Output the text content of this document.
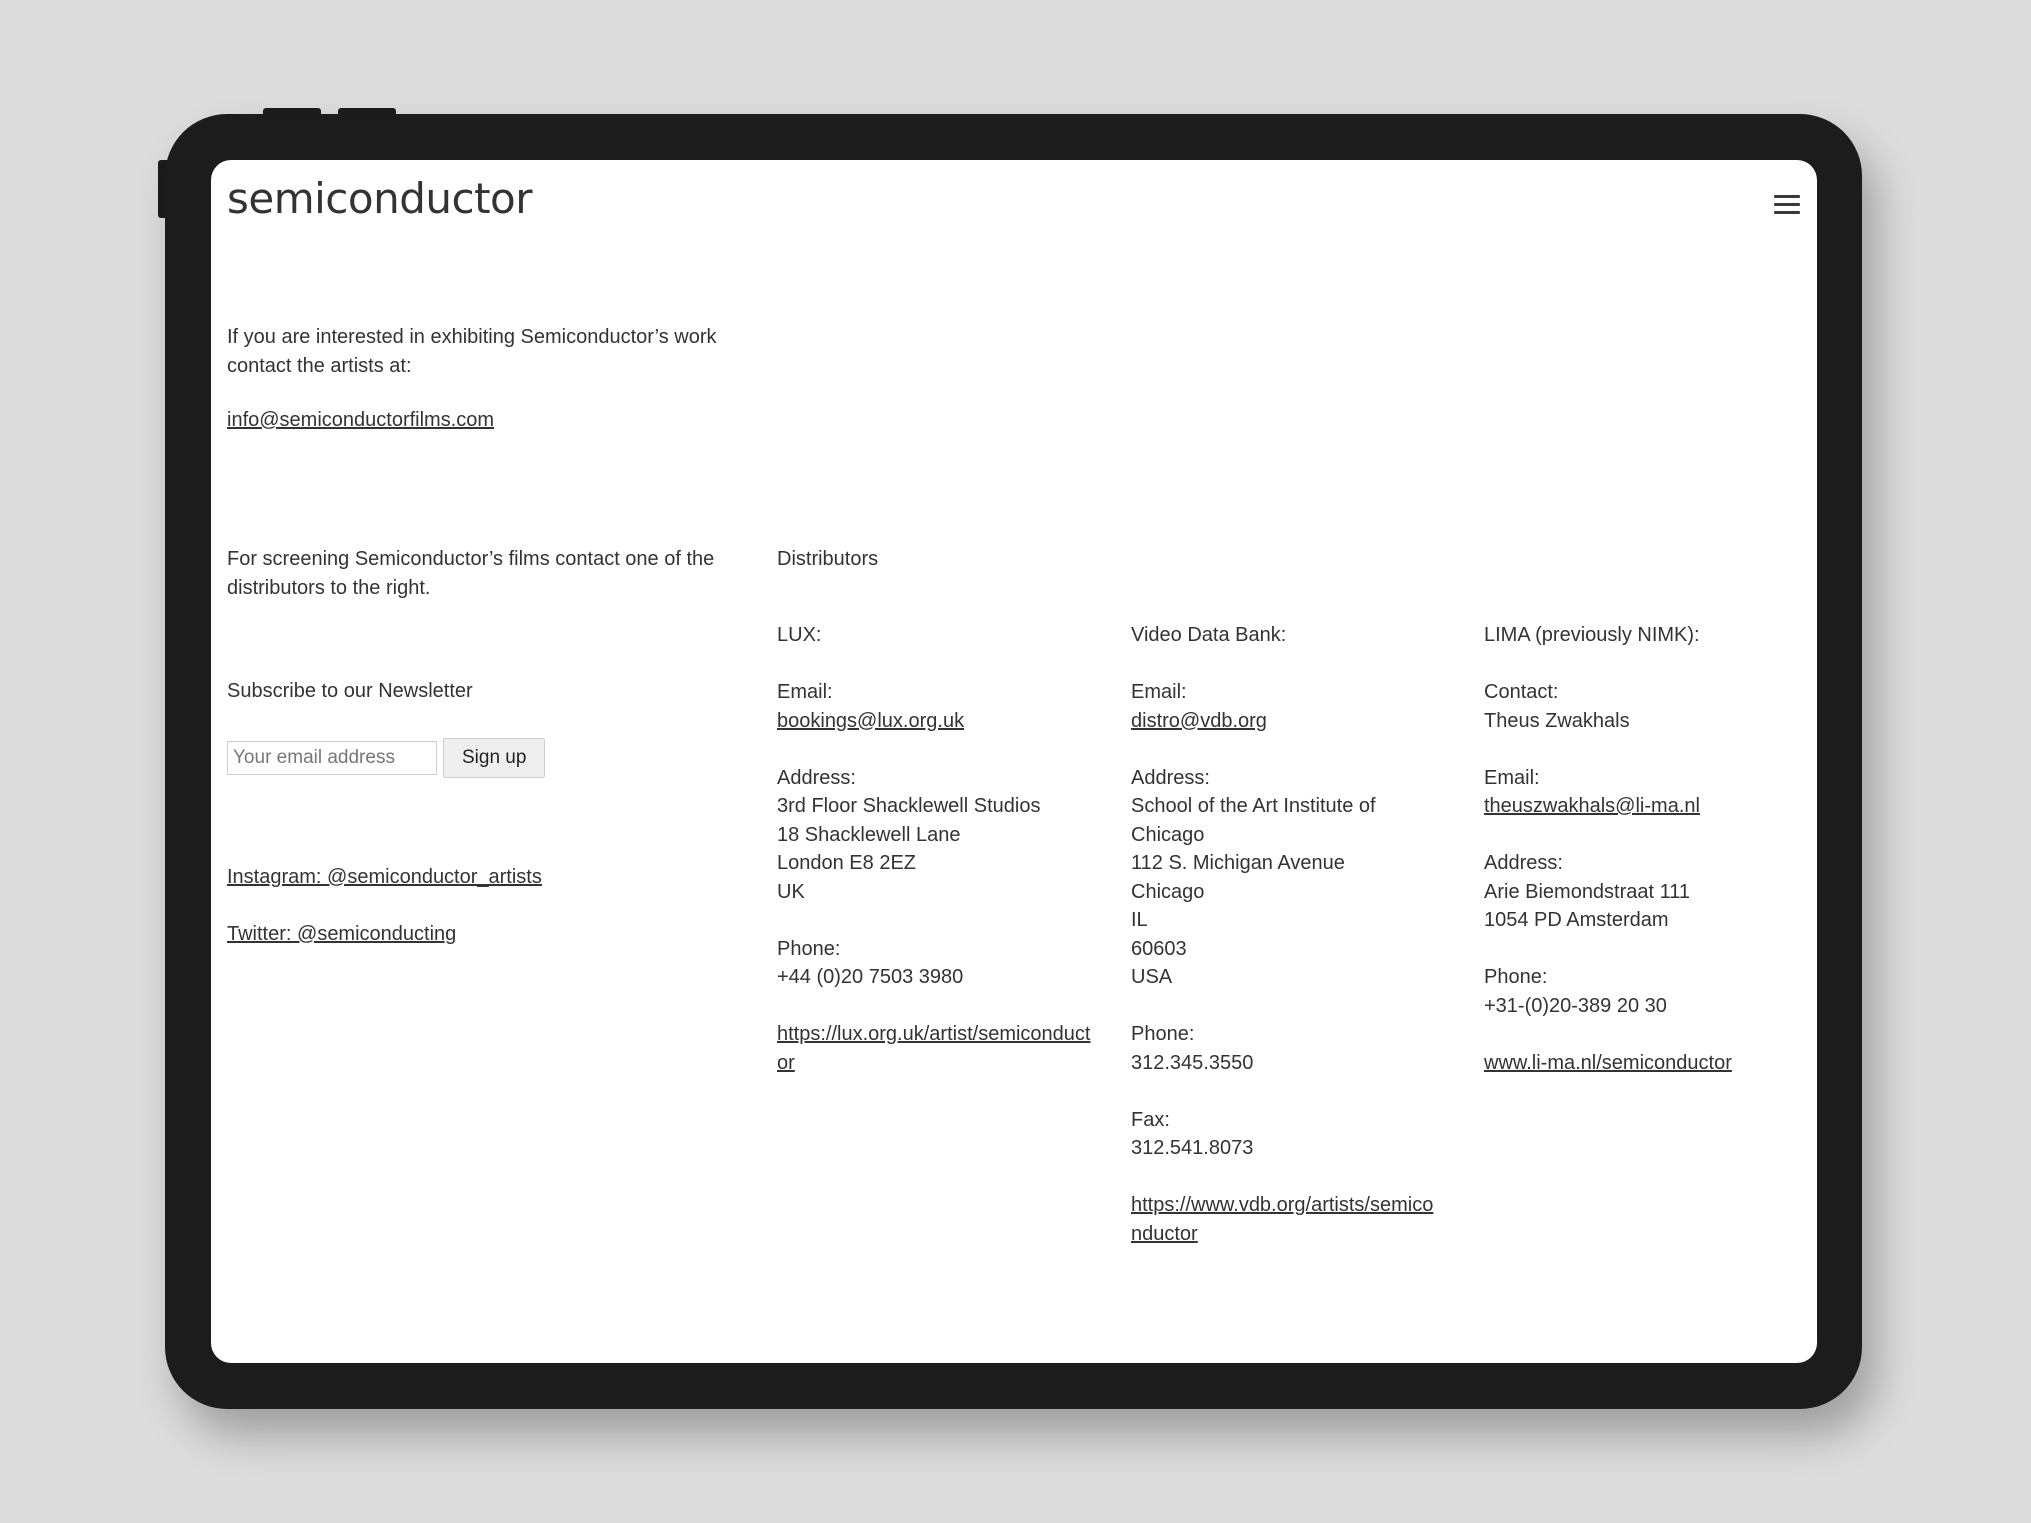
semiconductor
If you are interested in exhibiting Semiconductor’s work
contact the artists at:
info@semiconductorfilms.com
For screening Semiconductor’s films contact one of the
distributors to the right.
Subscribe to our Newsletter
Your email address
Sign up
Instagram: @semiconductor_artists
Twitter: @semiconducting
Distributors
LUX:
Email:
bookings@lux.org.uk
Address:
3rd Floor Shacklewell Studios
18 Shacklewell Lane
London E8 2EZ
UK
Phone:
+44 (0)20 7503 3980
https://lux.org.uk/artist/semiconductor
Video Data Bank:
Email:
distro@vdb.org
Address:
School of the Art Institute of
Chicago
112 S. Michigan Avenue
Chicago
IL
60603
USA
Phone:
312.345.3550
Fax:
312.541.8073
https://www.vdb.org/artists/semiconductor
LIMA (previously NIMK):
Contact:
Theus Zwakhals
Email:
theuszwakhals@li-ma.nl
Address:
Arie Biemondstraat 111
1054 PD Amsterdam
Phone:
+31-(0)20-389 20 30
www.li-ma.nl/semiconductor
